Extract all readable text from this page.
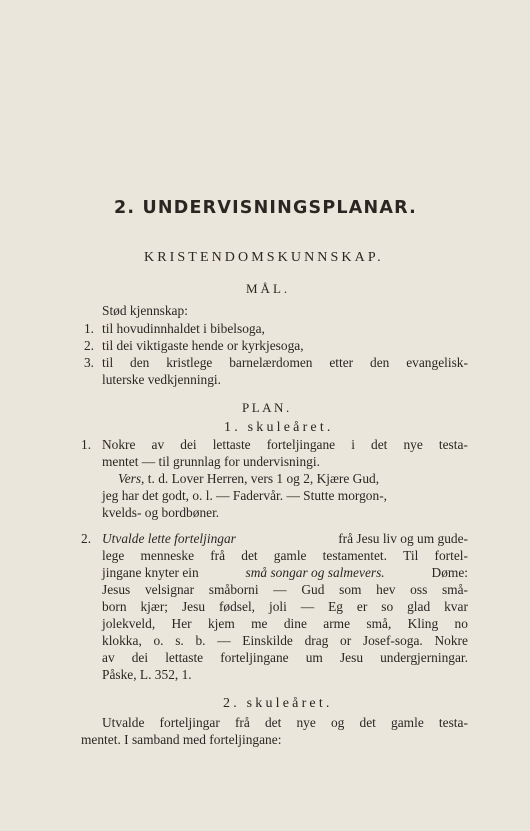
2. UNDERVISNINGSPLANAR.
KRISTENDOMSKUNNSKAP.
MÅL.
Stød kjennskap:
1. til hovudinnhaldet i bibelsoga,
2. til dei viktigaste hende or kyrkjesoga,
3. til den kristlege barnelærdomen etter den evangelisk-
luterske vedkjenningi.
PLAN.
1. skuleåret.
1. Nokre av dei lettaste forteljingane i det nye testa-
mentet — til grunnlag for undervisningi.
Vers, t. d. Lover Herren, vers 1 og 2, Kjære Gud,
jeg har det godt, o. l. — Fadervår. — Stutte morgon-,
kvelds- og bordbøner.
2. Utvalde lette forteljingar	frå Jesu liv og um gude-
lege menneske frå det gamle testamentet. Til fortel-
jingane knyter ein	små songar og salmevers.	Døme:
Jesus velsignar småborni — Gud som hev oss små-
born kjær; Jesu fødsel, joli — Eg er so glad kvar
jolekveld, Her kjem me dine arme små, Kling no
klokka, o. s. b. — Einskilde drag or Josef-soga. Nokre
av dei lettaste forteljingane um Jesu undergjerningar.
Påske, L. 352, 1.
2. skuleåret.
Utvalde forteljingar frå det nye og det gamle testa-
mentet. I samband med forteljingane:
